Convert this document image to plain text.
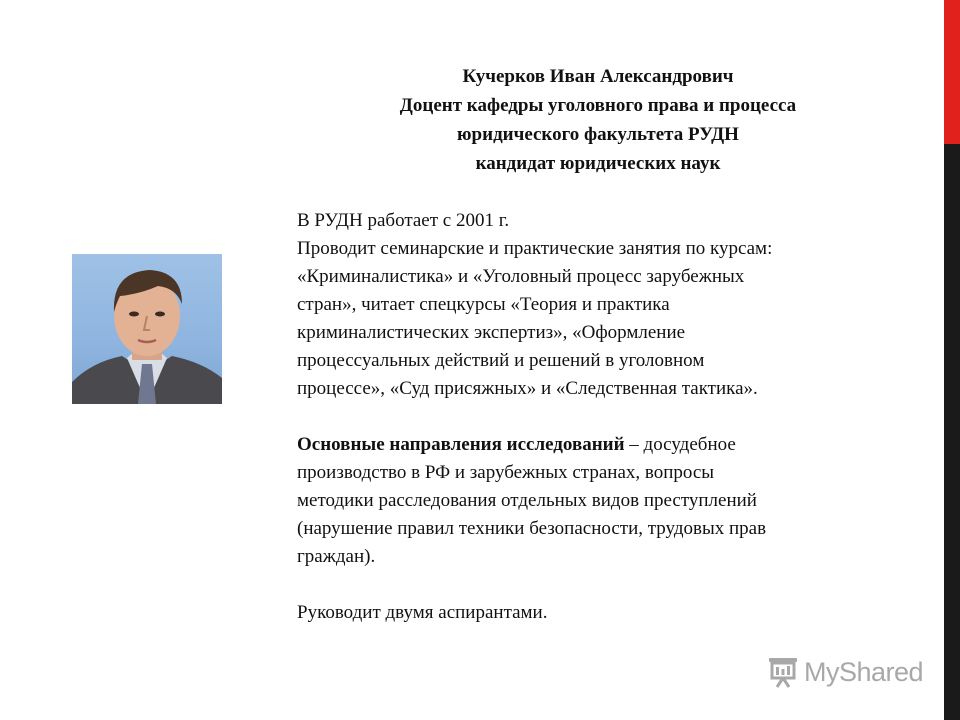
Кучерков Иван Александрович
Доцент кафедры уголовного права и процесса
юридического факультета РУДН
кандидат юридических наук

В РУДН работает с 2001 г.

Проводит семинарские и практические занятия по курсам:

«Криминалистика» и «Уголовный процесс зарубежных

стран», читает спецкурсы «Теория и практика

криминалистических экспертиз», «Оформление

процессуальных действий и решений в уголовном

процессе», «Суд присяжных» и «Следственная тактика».

Основные направления исследований – досудебное

производство в РФ и зарубежных странах, вопросы

методики расследования отдельных видов преступлений

(нарушение правил техники безопасности, трудовых прав

граждан).

Руководит двумя аспирантами.

MyShared
